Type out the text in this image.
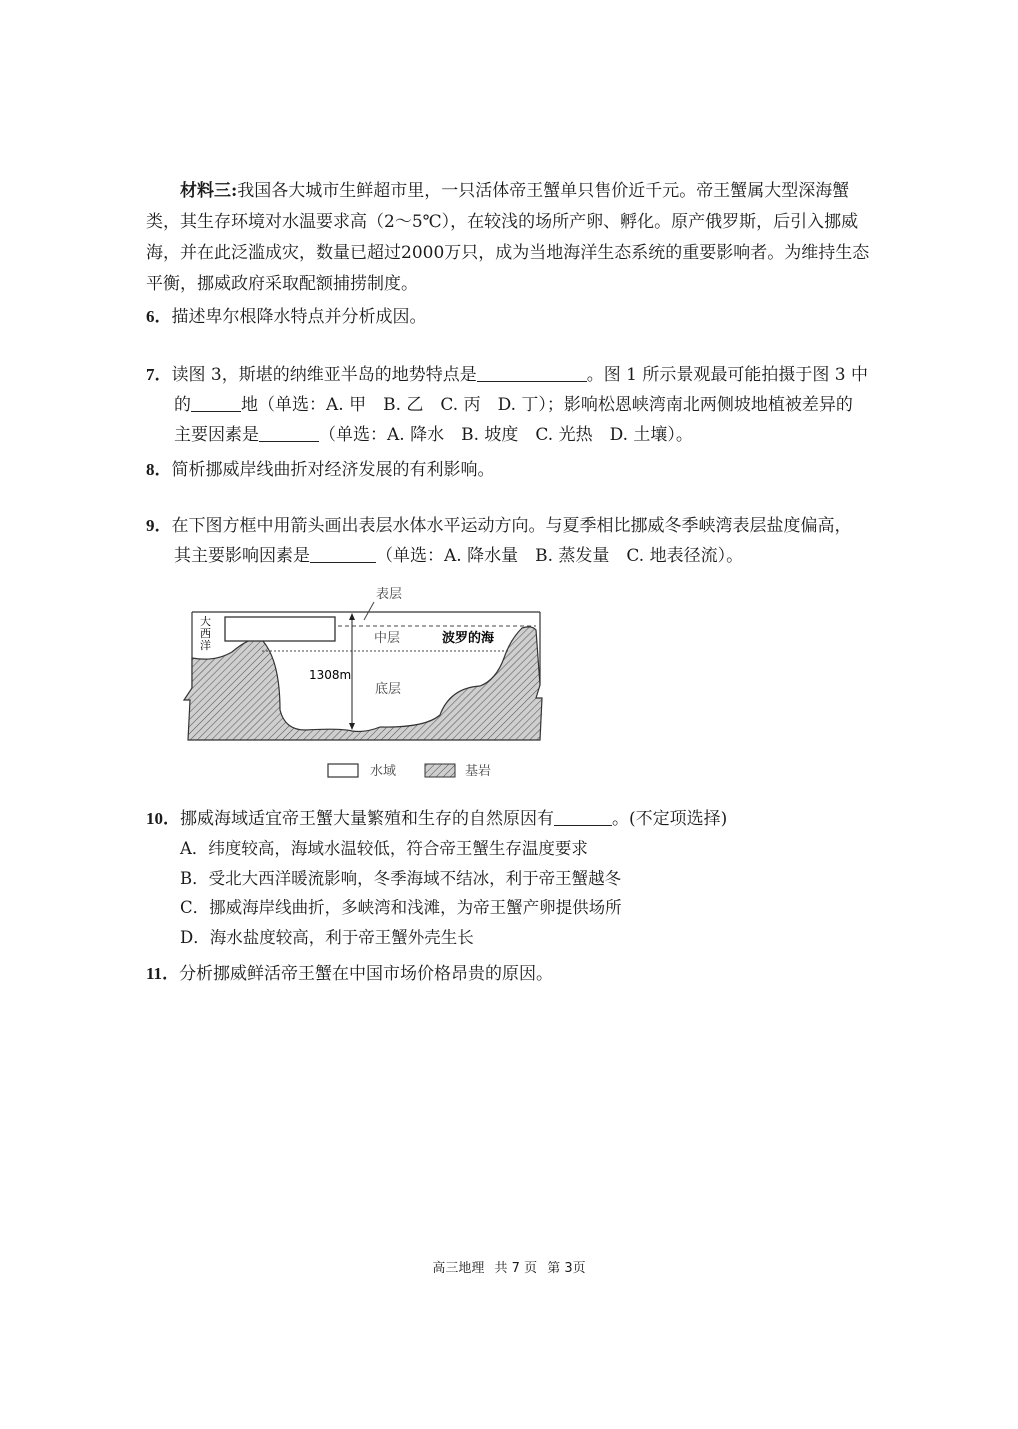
材料三:我国各大城市生鲜超市里，一只活体帝王蟹单只售价近千元。帝王蟹属大型深海蟹类，其生存环境对水温要求高（2～5℃），在较浅的场所产卵、孵化。原产俄罗斯，后引入挪威海，并在此泛滥成灾，数量已超过2000万只，成为当地海洋生态系统的重要影响者。为维持生态平衡，挪威政府采取配额捕捞制度。

6．描述卑尔根降水特点并分析成因。
7．读图 3，斯堪的纳维亚半岛的地势特点是	。图 1 所示景观最可能拍摄于图 3 中
的	地（单选：A. 甲　B. 乙　C. 丙　D. 丁）；影响松恩峡湾南北两侧坡地植被差异的
主要因素是	（单选：A. 降水　B. 坡度　C. 光热　D. 土壤）。
8．简析挪威岸线曲折对经济发展的有利影响。
9．在下图方框中用箭头画出表层水体水平运动方向。与夏季相比挪威冬季峡湾表层盐度偏高，
其主要影响因素是	（单选：A. 降水量　B. 蒸发量　C. 地表径流）。
大
西
洋
表层
中层	波罗的海
底层
1308m
水域	基岩
10．挪威海域适宜帝王蟹大量繁殖和生存的自然原因有	。(不定项选择)
A．纬度较高，海域水温较低，符合帝王蟹生存温度要求
B．受北大西洋暖流影响，冬季海域不结冰，利于帝王蟹越冬
C．挪威海岸线曲折，多峡湾和浅滩，为帝王蟹产卵提供场所
D．海水盐度较高，利于帝王蟹外壳生长
11．分析挪威鲜活帝王蟹在中国市场价格昂贵的原因。
高三地理 共 7 页 第 3页
